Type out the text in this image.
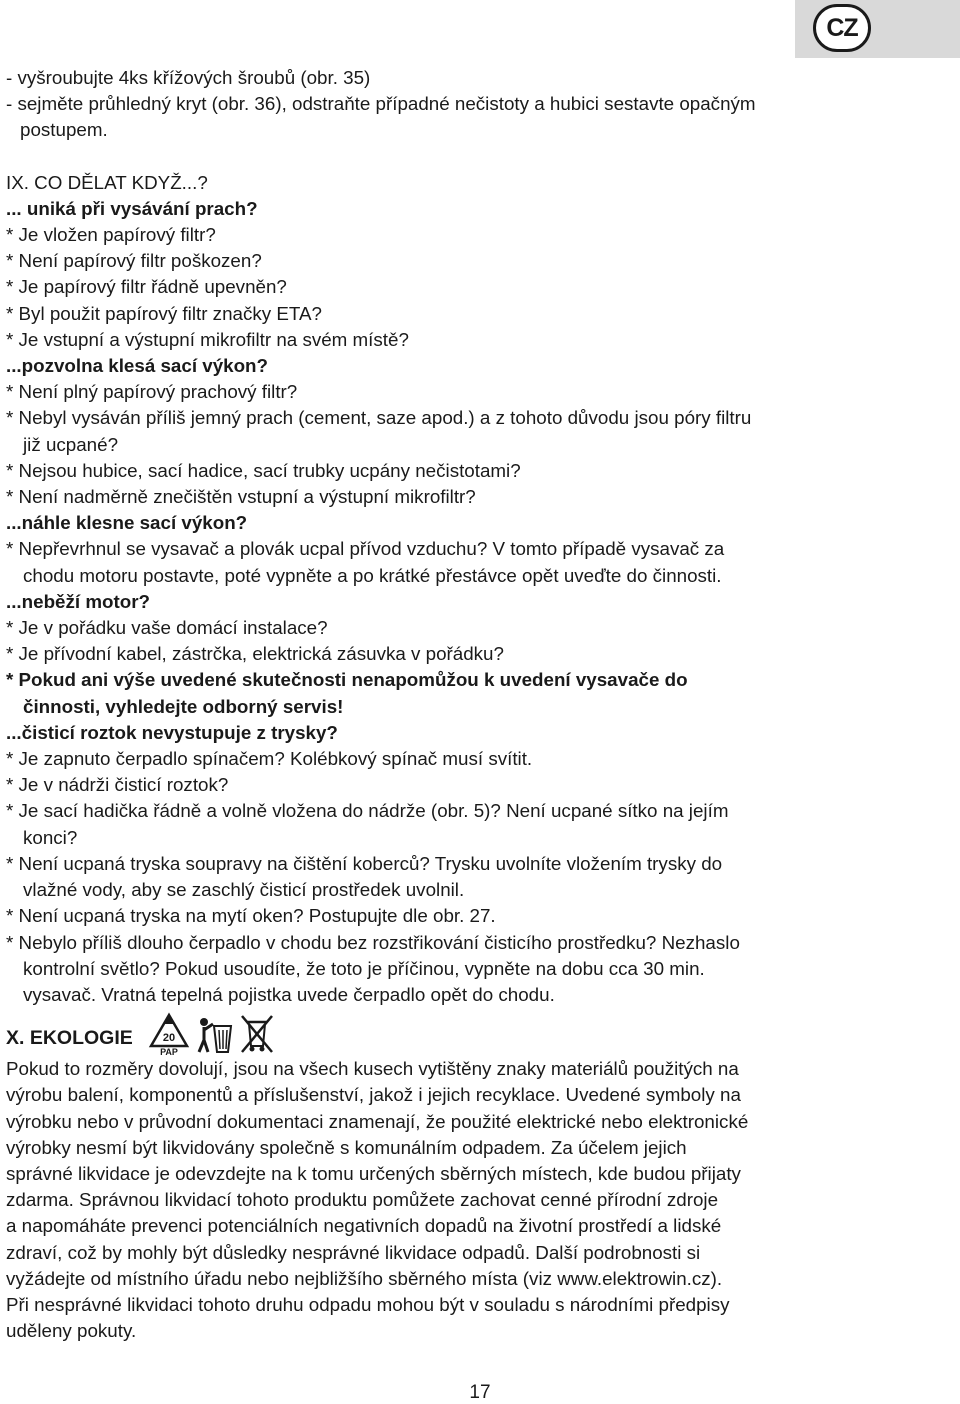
CZ
- vyšroubujte 4ks křížových šroubů (obr. 35)
- sejměte průhledný kryt (obr. 36), odstraňte případné nečistoty a hubici sestavte opačným
postupem.
IX. CO DĚLAT KDYŽ...?
... uniká při vysávání prach?
* Je vložen papírový filtr?
* Není papírový filtr poškozen?
* Je papírový filtr řádně upevněn?
* Byl použit papírový filtr značky ETA?
* Je vstupní a výstupní mikrofiltr na svém místě?
...pozvolna klesá sací výkon?
* Není plný papírový prachový filtr?
* Nebyl vysáván příliš jemný prach (cement, saze apod.) a z tohoto důvodu jsou póry filtru
již ucpané?
* Nejsou hubice, sací hadice, sací trubky ucpány nečistotami?
* Není nadměrně znečištěn vstupní a výstupní mikrofiltr?
...náhle klesne sací výkon?
* Nepřevrhnul se vysavač a plovák ucpal přívod vzduchu? V tomto případě vysavač za
chodu motoru postavte, poté vypněte a po krátké přestávce opět uveďte do činnosti.
...neběží motor?
* Je v pořádku vaše domácí instalace?
* Je přívodní kabel, zástrčka, elektrická zásuvka v pořádku?
* Pokud ani výše uvedené skutečnosti nenapomůžou k uvedení vysavače do
činnosti, vyhledejte odborný servis!
...čisticí roztok nevystupuje z trysky?
* Je zapnuto čerpadlo spínačem? Kolébkový spínač musí svítit.
* Je v nádrži čisticí roztok?
* Je sací hadička řádně a volně vložena do nádrže (obr. 5)? Není ucpané sítko na jejím
konci?
* Není ucpaná tryska soupravy na čištění koberců? Trysku uvolníte vložením trysky do
vlažné vody, aby se zaschlý čisticí prostředek uvolnil.
* Není ucpaná tryska na mytí oken? Postupujte dle obr. 27.
* Nebylo příliš dlouho čerpadlo v chodu bez rozstřikování čisticího prostředku? Nezhaslo
kontrolní světlo? Pokud usoudíte, že toto je příčinou, vypněte na dobu cca 30 min.
vysavač. Vratná tepelná pojistka uvede čerpadlo opět do chodu.
X. EKOLOGIE	20
PAP
Pokud to rozměry dovolují, jsou na všech kusech vytištěny znaky materiálů použitých na
výrobu balení, komponentů a příslušenství, jakož i jejich recyklace. Uvedené symboly na
výrobku nebo v průvodní dokumentaci znamenají, že použité elektrické nebo elektronické
výrobky nesmí být likvidovány společně s komunálním odpadem. Za účelem jejich
správné likvidace je odevzdejte na k tomu určených sběrných místech, kde budou přijaty
zdarma. Správnou likvidací tohoto produktu pomůžete zachovat cenné přírodní zdroje
a napomáháte prevenci potenciálních negativních dopadů na životní prostředí a lidské
zdraví, což by mohly být důsledky nesprávné likvidace odpadů. Další podrobnosti si
vyžádejte od místního úřadu nebo nejbližšího sběrného místa (viz www.elektrowin.cz).
Při nesprávné likvidaci tohoto druhu odpadu mohou být v souladu s národními předpisy
uděleny pokuty.
17
